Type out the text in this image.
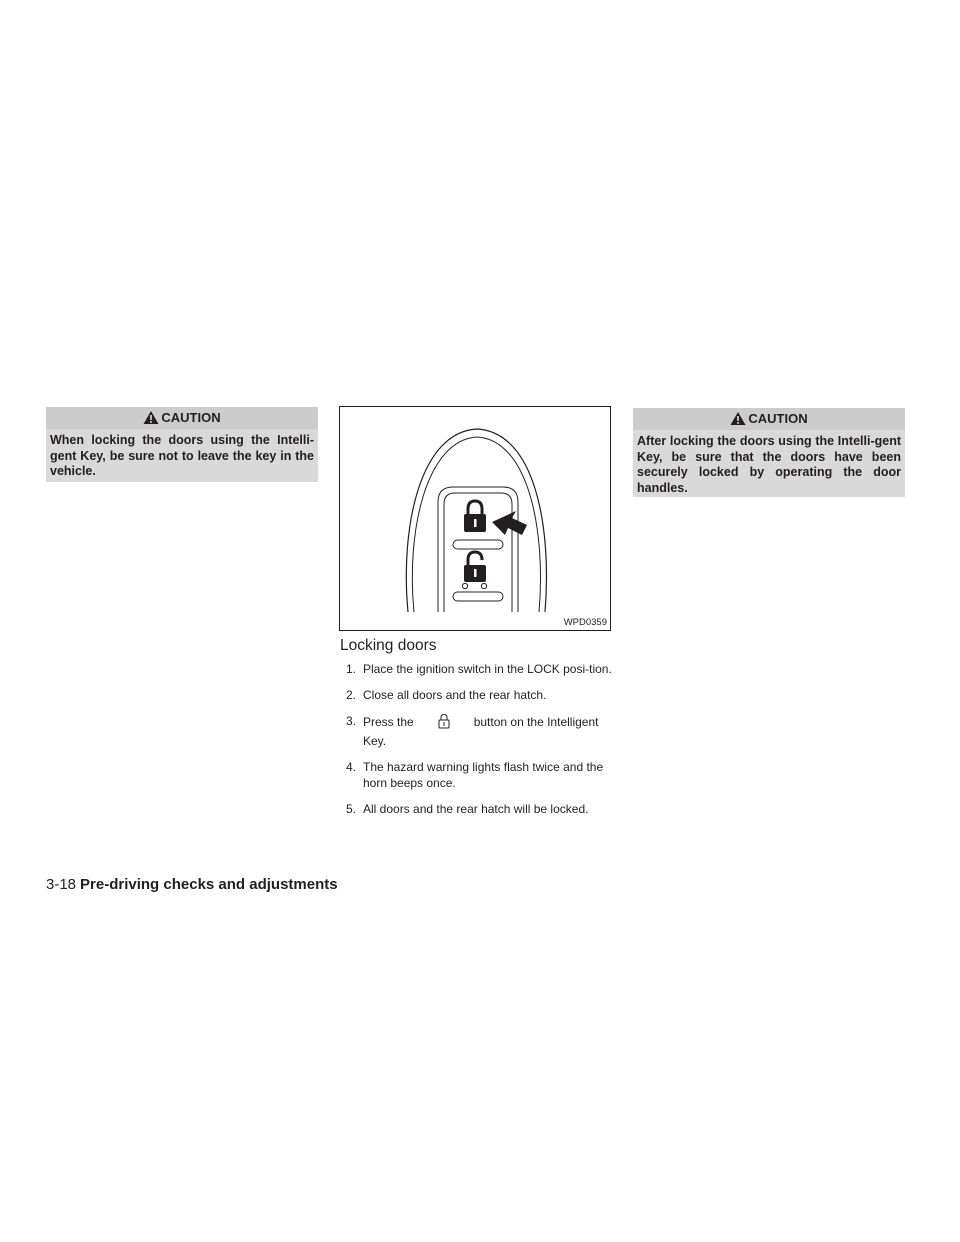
CAUTION
When locking the doors using the Intelli-gent Key, be sure not to leave the key in the vehicle.
WPD0359
Locking doors
1. Place the ignition switch in the LOCK posi-tion.
2. Close all doors and the rear hatch.
3. Press the	button on the Intelligent Key.
4. The hazard warning lights flash twice and the horn beeps once.
5. All doors and the rear hatch will be locked.
CAUTION
After locking the doors using the Intelli-gent Key, be sure that the doors have been securely locked by operating the door handles.
3-18 Pre-driving checks and adjustments
